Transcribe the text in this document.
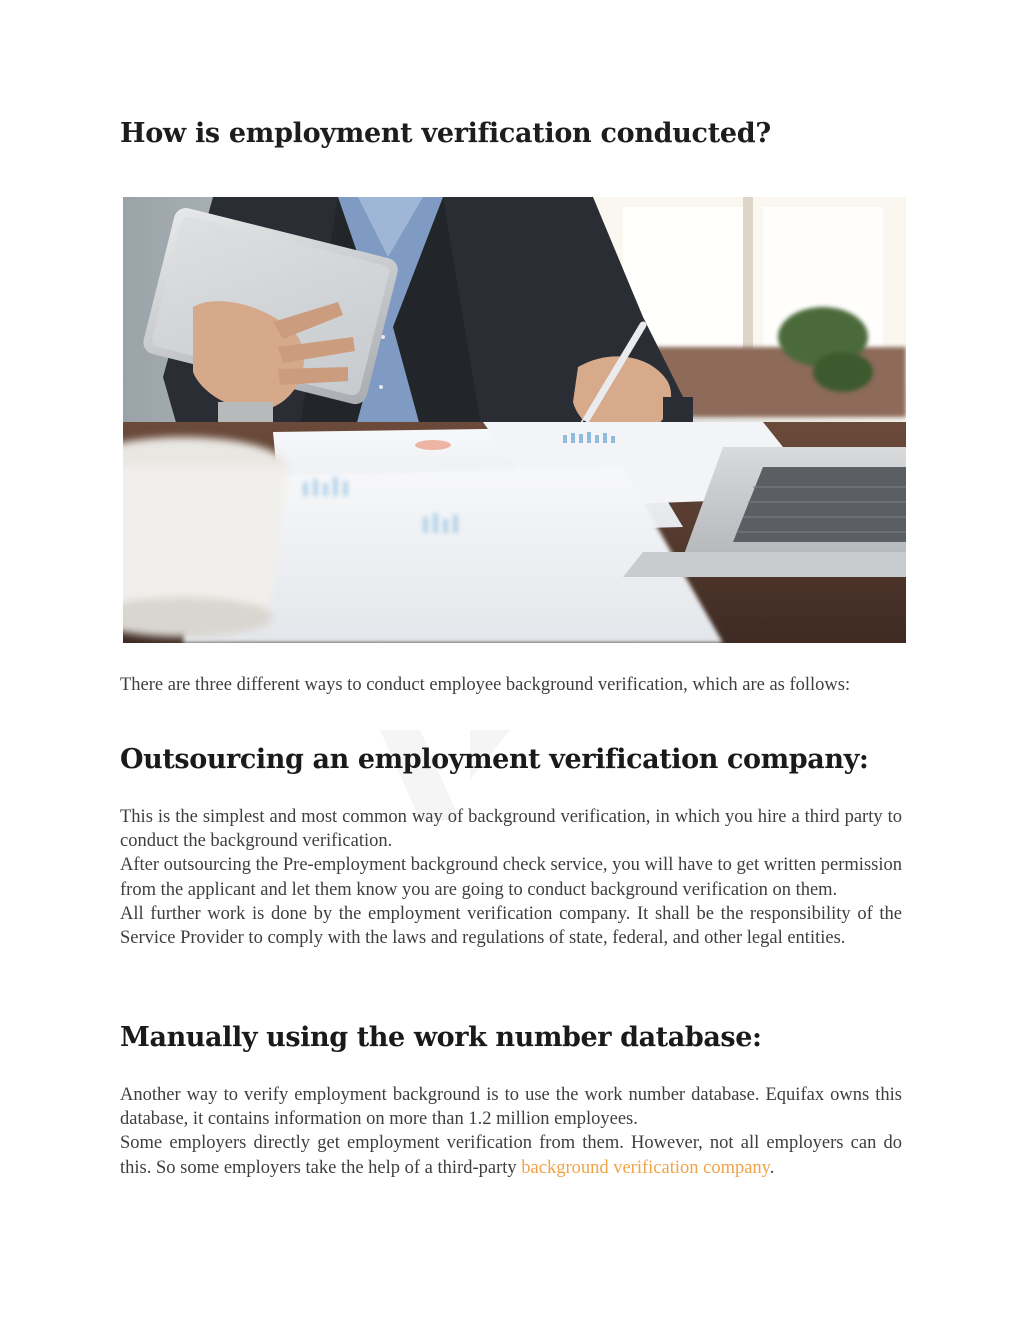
How is employment verification conducted?

There are three different ways to conduct employee background verification, which are as follows:

Outsourcing an employment verification company:

This is the simplest and most common way of background verification, in which you hire a third party to conduct the background verification.

After outsourcing the Pre-employment background check service, you will have to get written permission from the applicant and let them know you are going to conduct background verification on them.

All further work is done by the employment verification company. It shall be the responsibility of the Service Provider to comply with the laws and regulations of state, federal, and other legal entities.

Manually using the work number database:

Another way to verify employment background is to use the work number database. Equifax owns this database, it contains information on more than 1.2 million employees.

Some employers directly get employment verification from them. However, not all employers can do this. So some employers take the help of a third-party background verification company.
